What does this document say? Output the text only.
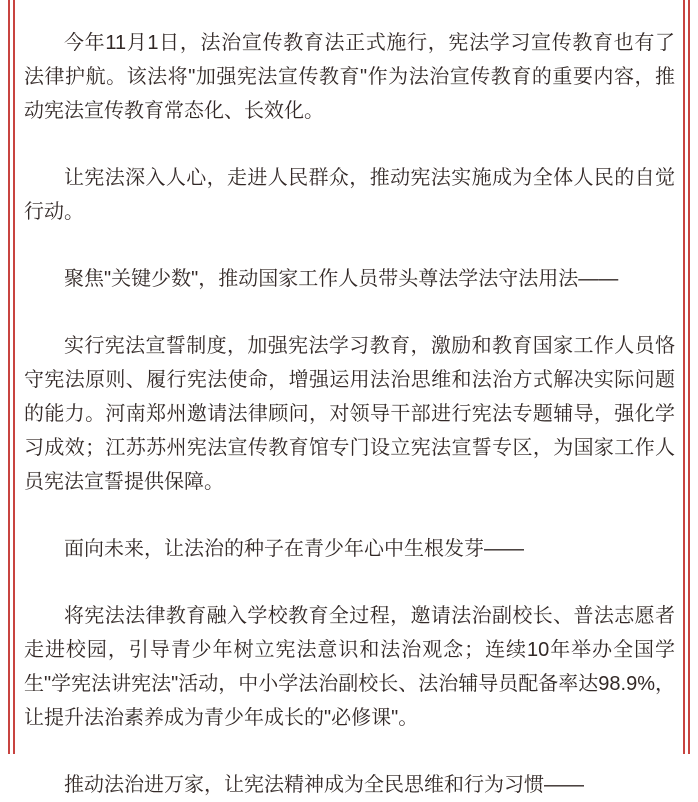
今年11月1日，法治宣传教育法正式施行，宪法学习宣传教育也有了法律护航。该法将"加强宪法宣传教育"作为法治宣传教育的重要内容，推动宪法宣传教育常态化、长效化。

让宪法深入人心，走进人民群众，推动宪法实施成为全体人民的自觉行动。

聚焦"关键少数"，推动国家工作人员带头尊法学法守法用法——

实行宪法宣誓制度，加强宪法学习教育，激励和教育国家工作人员恪守宪法原则、履行宪法使命，增强运用法治思维和法治方式解决实际问题的能力。河南郑州邀请法律顾问，对领导干部进行宪法专题辅导，强化学习成效；江苏苏州宪法宣传教育馆专门设立宪法宣誓专区，为国家工作人员宪法宣誓提供保障。

面向未来，让法治的种子在青少年心中生根发芽——

将宪法法律教育融入学校教育全过程，邀请法治副校长、普法志愿者走进校园，引导青少年树立宪法意识和法治观念；连续10年举办全国学生"学宪法讲宪法"活动，中小学法治副校长、法治辅导员配备率达98.9%，让提升法治素养成为青少年成长的"必修课"。

推动法治进万家，让宪法精神成为全民思维和行为习惯——
